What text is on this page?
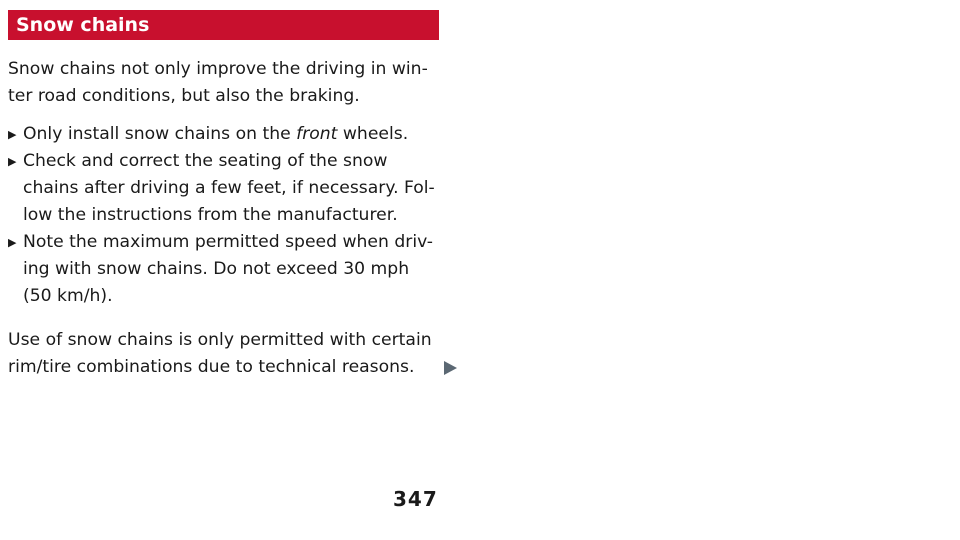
Snow chains

Snow chains not only improve the driving in win-
ter road conditions, but also the braking.

▶ Only install snow chains on the front wheels.
▶ Check and correct the seating of the snow
chains after driving a few feet, if necessary. Fol-
low the instructions from the manufacturer.
▶ Note the maximum permitted speed when driv-
ing with snow chains. Do not exceed 30 mph
(50 km/h).

Use of snow chains is only permitted with certain
rim/tire combinations due to technical reasons.

347
